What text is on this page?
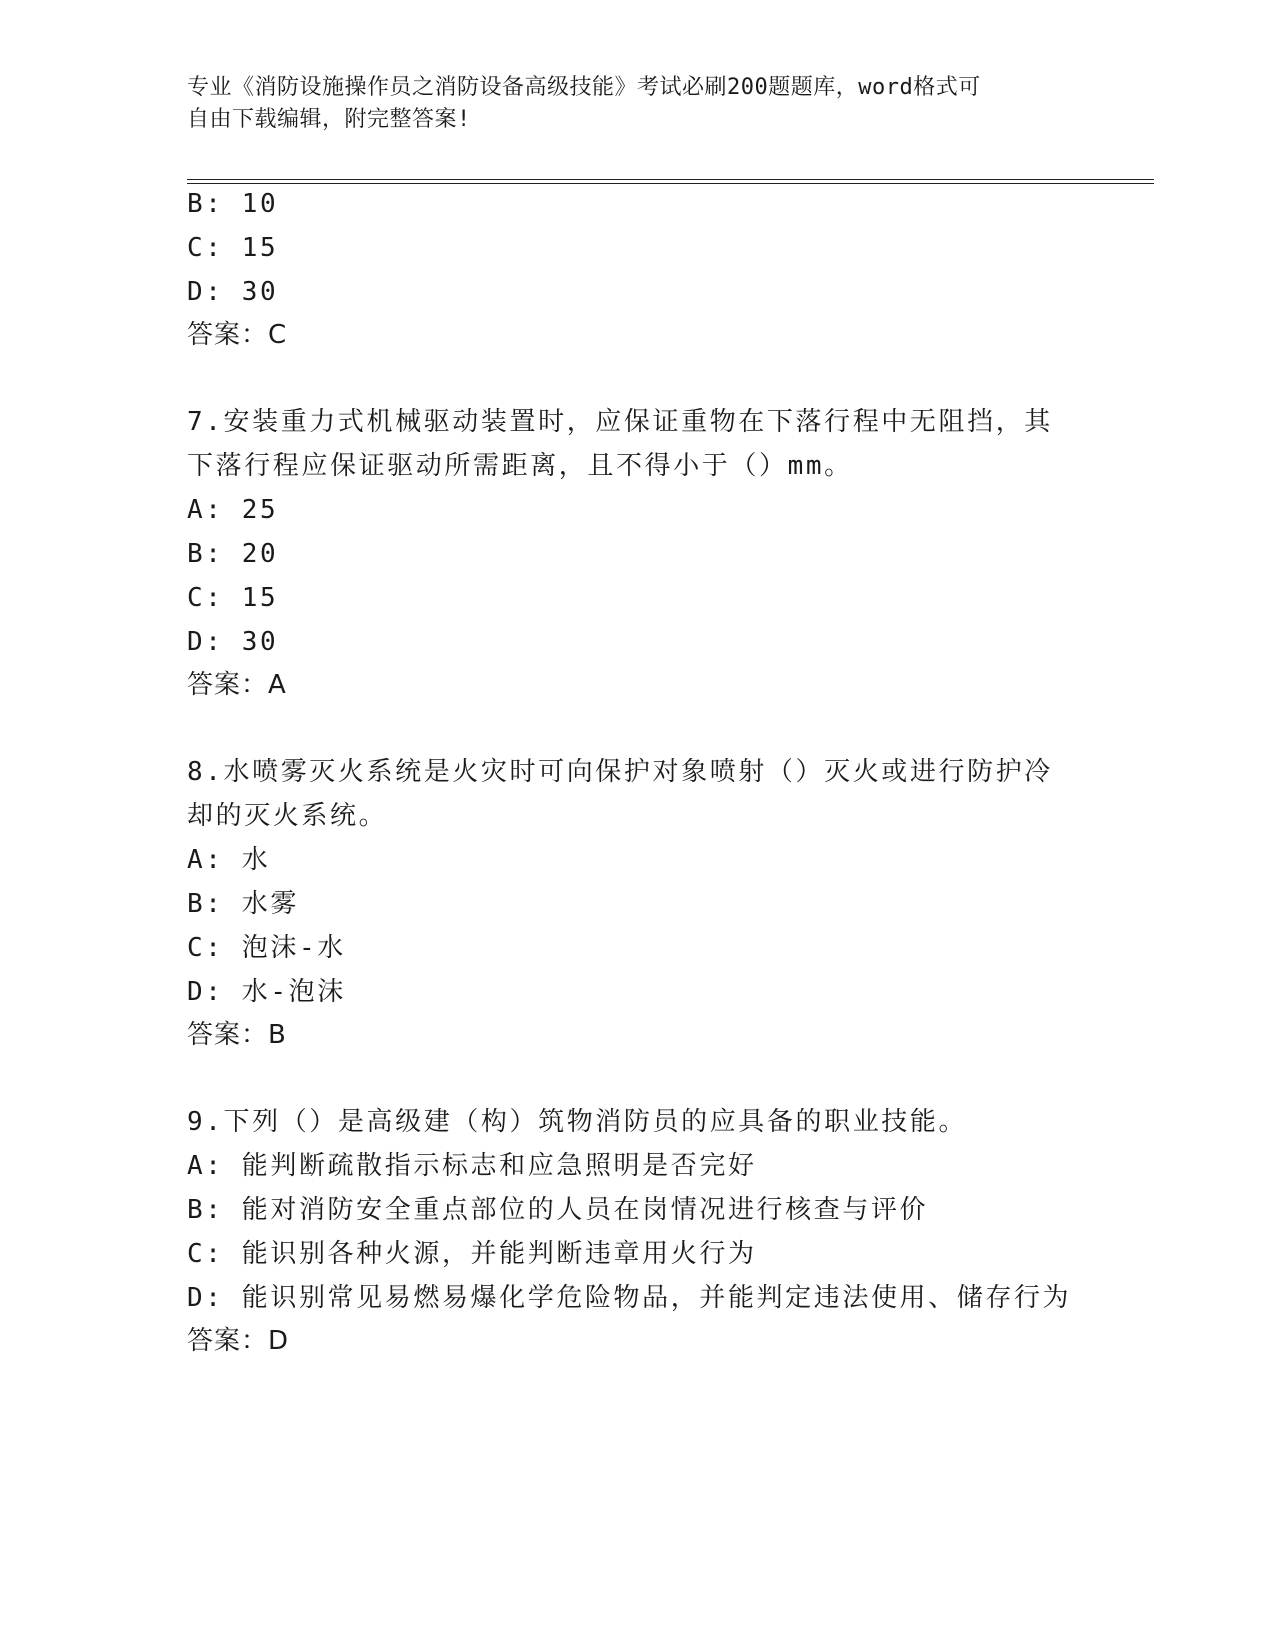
专业《消防设施操作员之消防设备高级技能》考试必刷200题题库，word格式可
自由下载编辑，附完整答案!
B: 10
C: 15
D: 30
答案：C
7.安装重力式机械驱动装置时，应保证重物在下落行程中无阻挡，其
下落行程应保证驱动所需距离，且不得小于（）mm。
A: 25
B: 20
C: 15
D: 30
答案：A
8.水喷雾灭火系统是火灾时可向保护对象喷射（）灭火或进行防护冷
却的灭火系统。
A: 水
B: 水雾
C: 泡沫-水
D: 水-泡沫
答案：B
9.下列（）是高级建（构）筑物消防员的应具备的职业技能。
A: 能判断疏散指示标志和应急照明是否完好
B: 能对消防安全重点部位的人员在岗情况进行核查与评价
C: 能识别各种火源，并能判断违章用火行为
D: 能识别常见易燃易爆化学危险物品，并能判定违法使用、储存行为
答案：D
